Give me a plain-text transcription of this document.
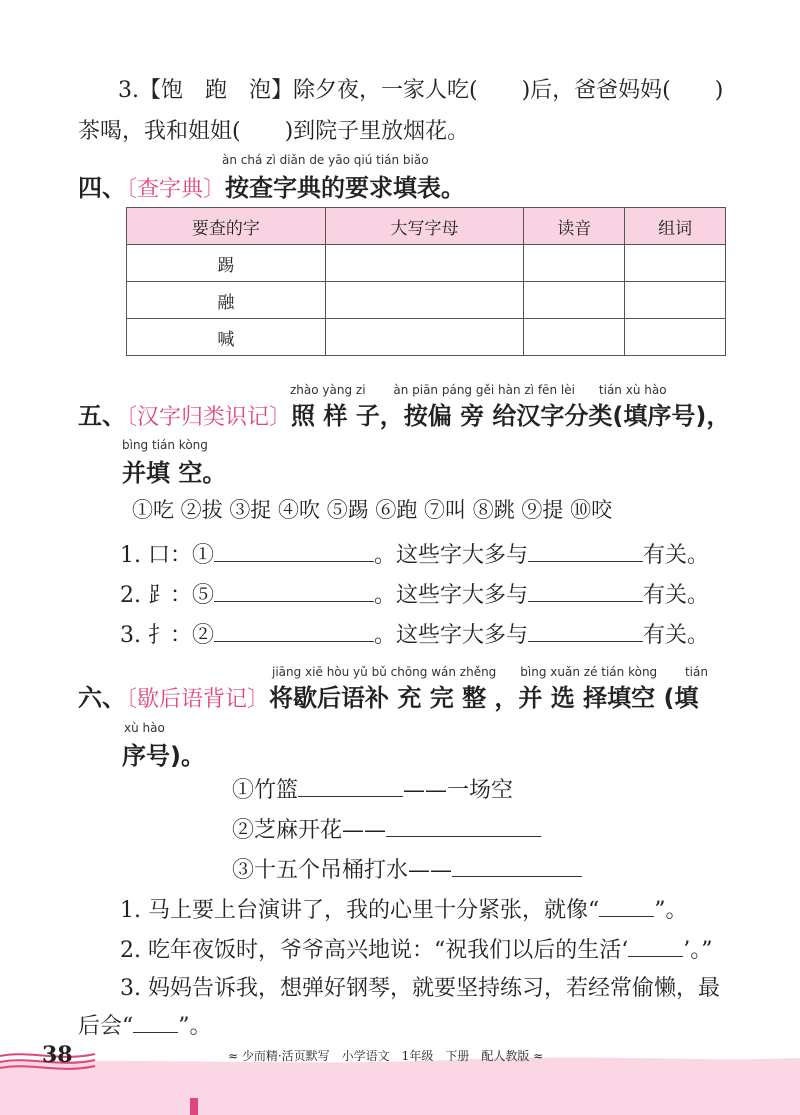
3.【饱　跑　泡】除夕夜，一家人吃(　　)后，爸爸妈妈(　　)
茶喝，我和姐姐(　　)到院子里放烟花。
àn chá zì diǎn de yāo qiú tián biǎo
四、〔查字典〕按查字典的要求填表。
要查的字	大写字母	读音	组词
踢			
融			
喊			
zhào yàng zi　　 àn piān páng gěi hàn zì fēn lèi　　tián xù hào
五、〔汉字归类识记〕照 样 子，按偏 旁 给汉字分类(填序号)，
bìng tián kòng
并填 空。
①吃 ②拔 ③捉 ④吹 ⑤踢 ⑥跑 ⑦叫 ⑧跳 ⑨提 ⑩咬
1. 口：①	。这些字大多与	有关。
2. ⻊：⑤	。这些字大多与	有关。
3. 扌：②	。这些字大多与	有关。
jiāng xiē hòu yǔ bǔ chōng wán zhěng　　bìng xuǎn zé tián kòng　　 tián
六、〔歇后语背记〕将歇后语补 充 完 整 ，并 选 择填空 (填
xù hào
序号)。
①竹篮	——一场空
②芝麻开花——
③十五个吊桶打水——
1. 马上要上台演讲了，我的心里十分紧张，就像“	”。
2. 吃年夜饭时，爷爷高兴地说：“祝我们以后的生活‘	’。”
3. 妈妈告诉我，想弹好钢琴，就要坚持练习，若经常偷懒，最
后会“ ”。
38	≈ 少而精·活页默写　小学语文　1年级　下册　配人教版 ≈
